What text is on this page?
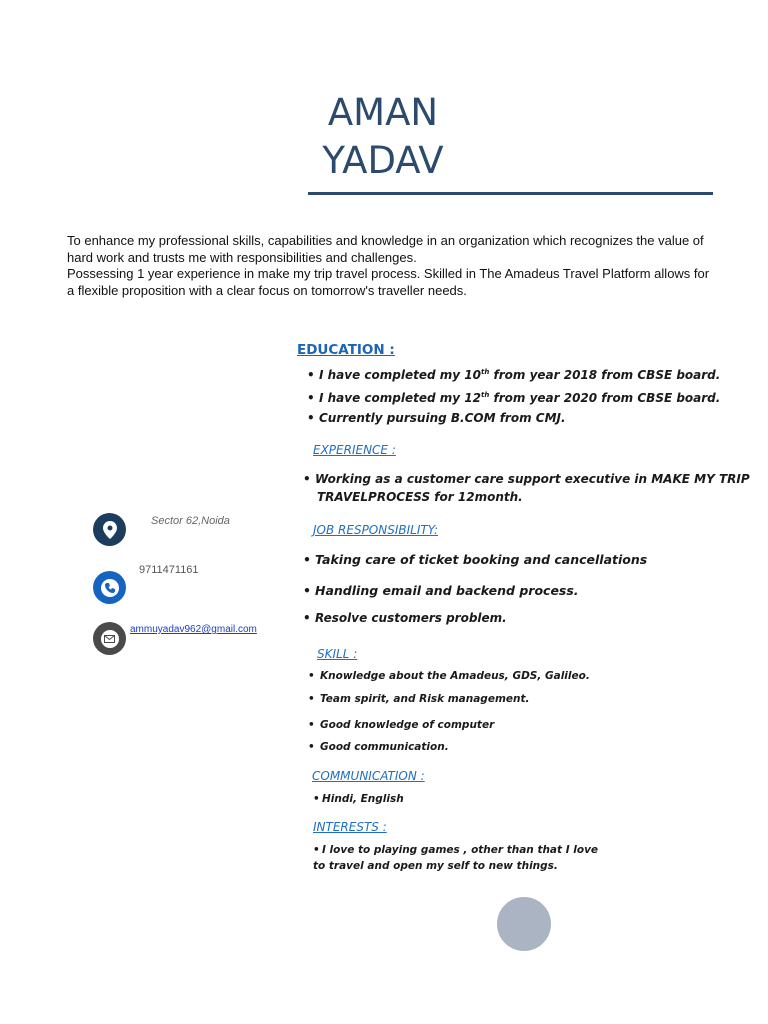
AMAN
YADAV

To enhance my professional skills, capabilities and knowledge in an organization which recognizes the value of hard work and trusts me with responsibilities and challenges.

Possessing 1 year experience in make my trip travel process. Skilled in The Amadeus Travel Platform allows for a flexible proposition with a clear focus on tomorrow's traveller needs.

Sector 62,Noida
9711471161
ammuyadav962@gmail.com
EDUCATION :
• I have completed my 10th from year 2018 from CBSE board.
• I have completed my 12th from year 2020 from CBSE board.
• Currently pursuing B.COM from CMJ.
EXPERIENCE :
• Working as a customer care support executive in MAKE MY TRIP
TRAVELPROCESS for 12month.
JOB RESPONSIBILITY:
• Taking care of ticket booking and cancellations
• Handling email and backend process.
• Resolve customers problem.
SKILL :
• Knowledge about the Amadeus, GDS, Galileo.
• Team spirit, and Risk management.
• Good knowledge of computer
• Good communication.
COMMUNICATION :
• Hindi, English
INTERESTS :
• I love to playing games , other than that I love
to travel and open my self to new things.
